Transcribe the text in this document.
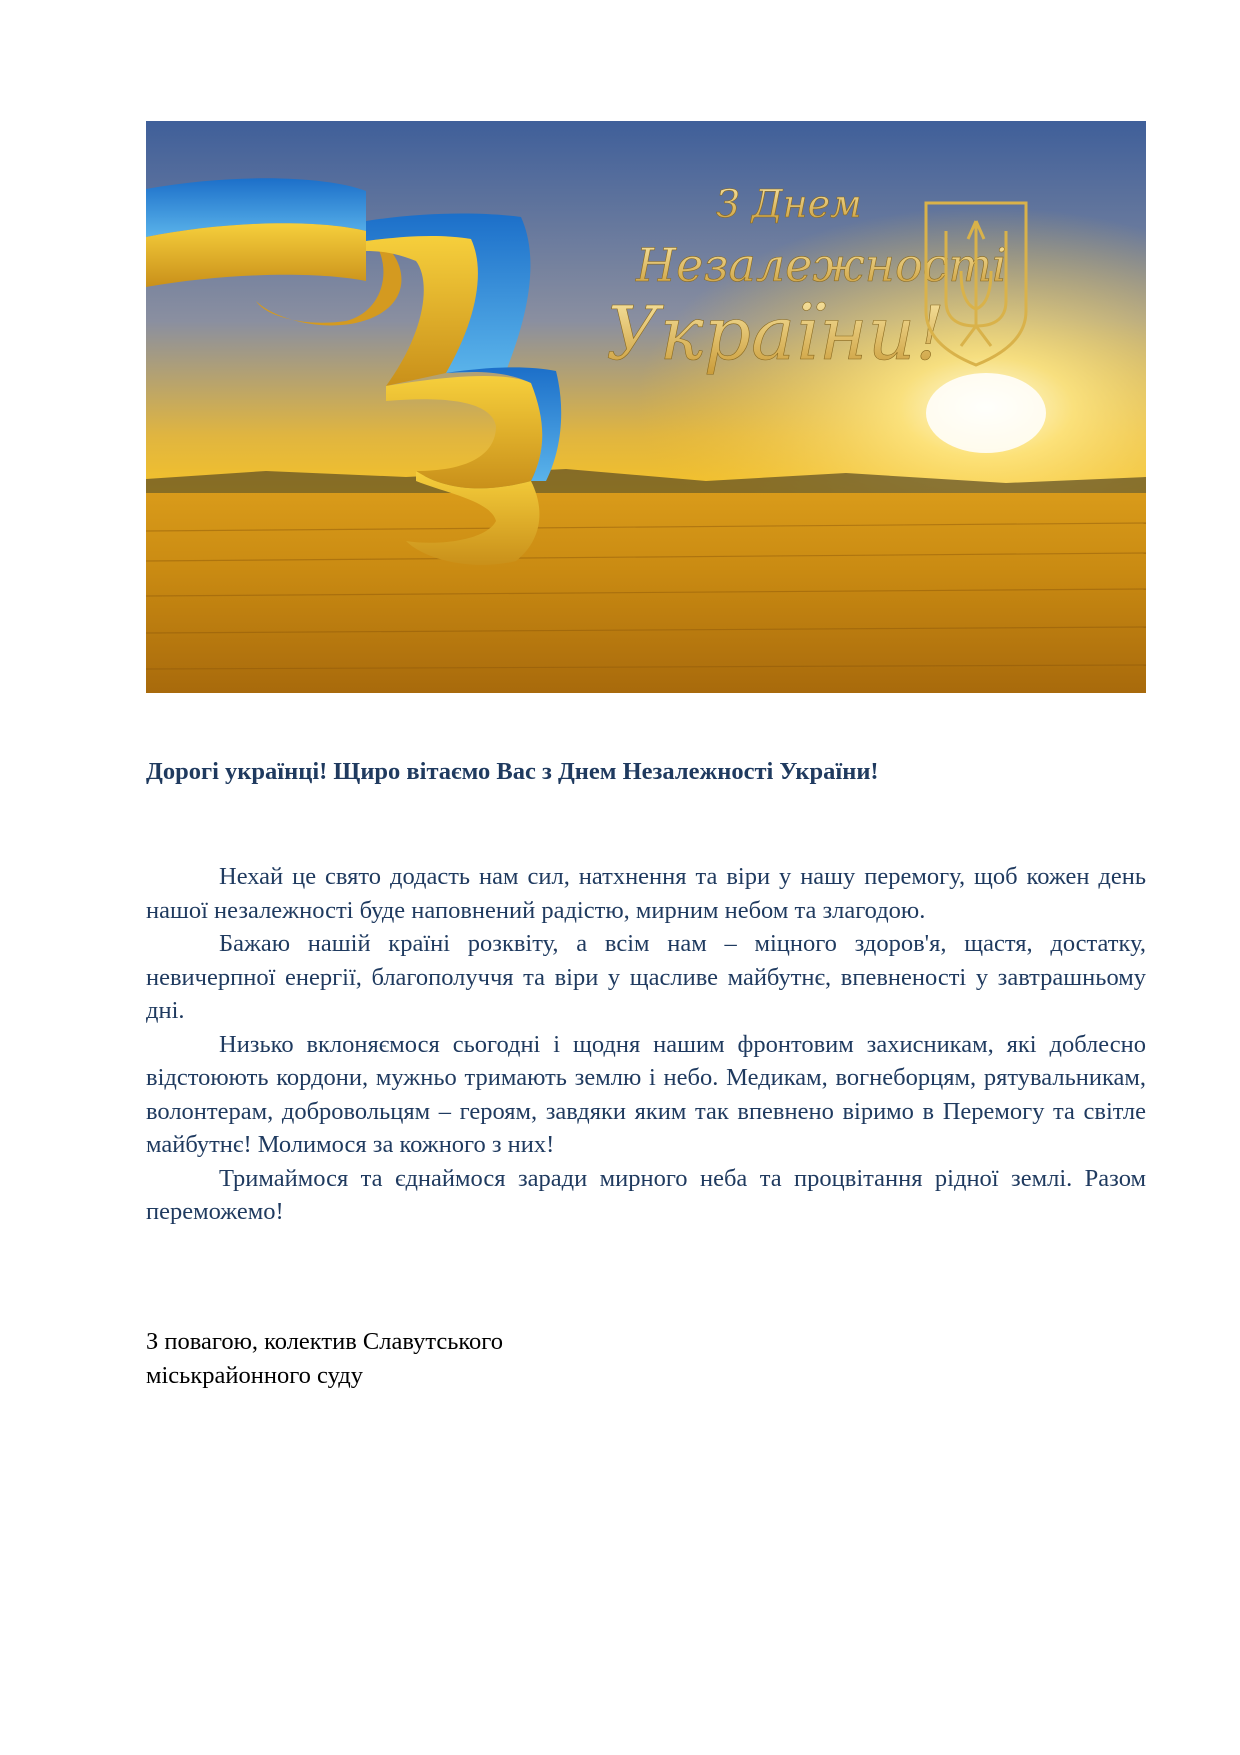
З Днем
Незалежності
України!

Дорогі українці! Щиро вітаємо Вас з Днем Незалежності України!

Нехай це свято додасть нам сил, натхнення та віри у нашу перемогу, щоб кожен день нашої незалежності буде наповнений радістю, мирним небом та злагодою.

Бажаю нашій країні розквіту, а всім нам – міцного здоров'я, щастя, достатку, невичерпної енергії, благополуччя та віри у щасливе майбутнє, впевненості у завтрашньому дні.

Низько вклоняємося сьогодні і щодня нашим фронтовим захисникам, які доблесно відстоюють кордони, мужньо тримають землю і небо. Медикам, вогнеборцям, рятувальникам, волонтерам, добровольцям – героям, завдяки яким так впевнено віримо в Перемогу та світле майбутнє! Молимося за кожного з них!

Тримаймося та єднаймося заради мирного неба та процвітання рідної землі. Разом переможемо!

З повагою, колектив Славутського
міськрайонного суду
